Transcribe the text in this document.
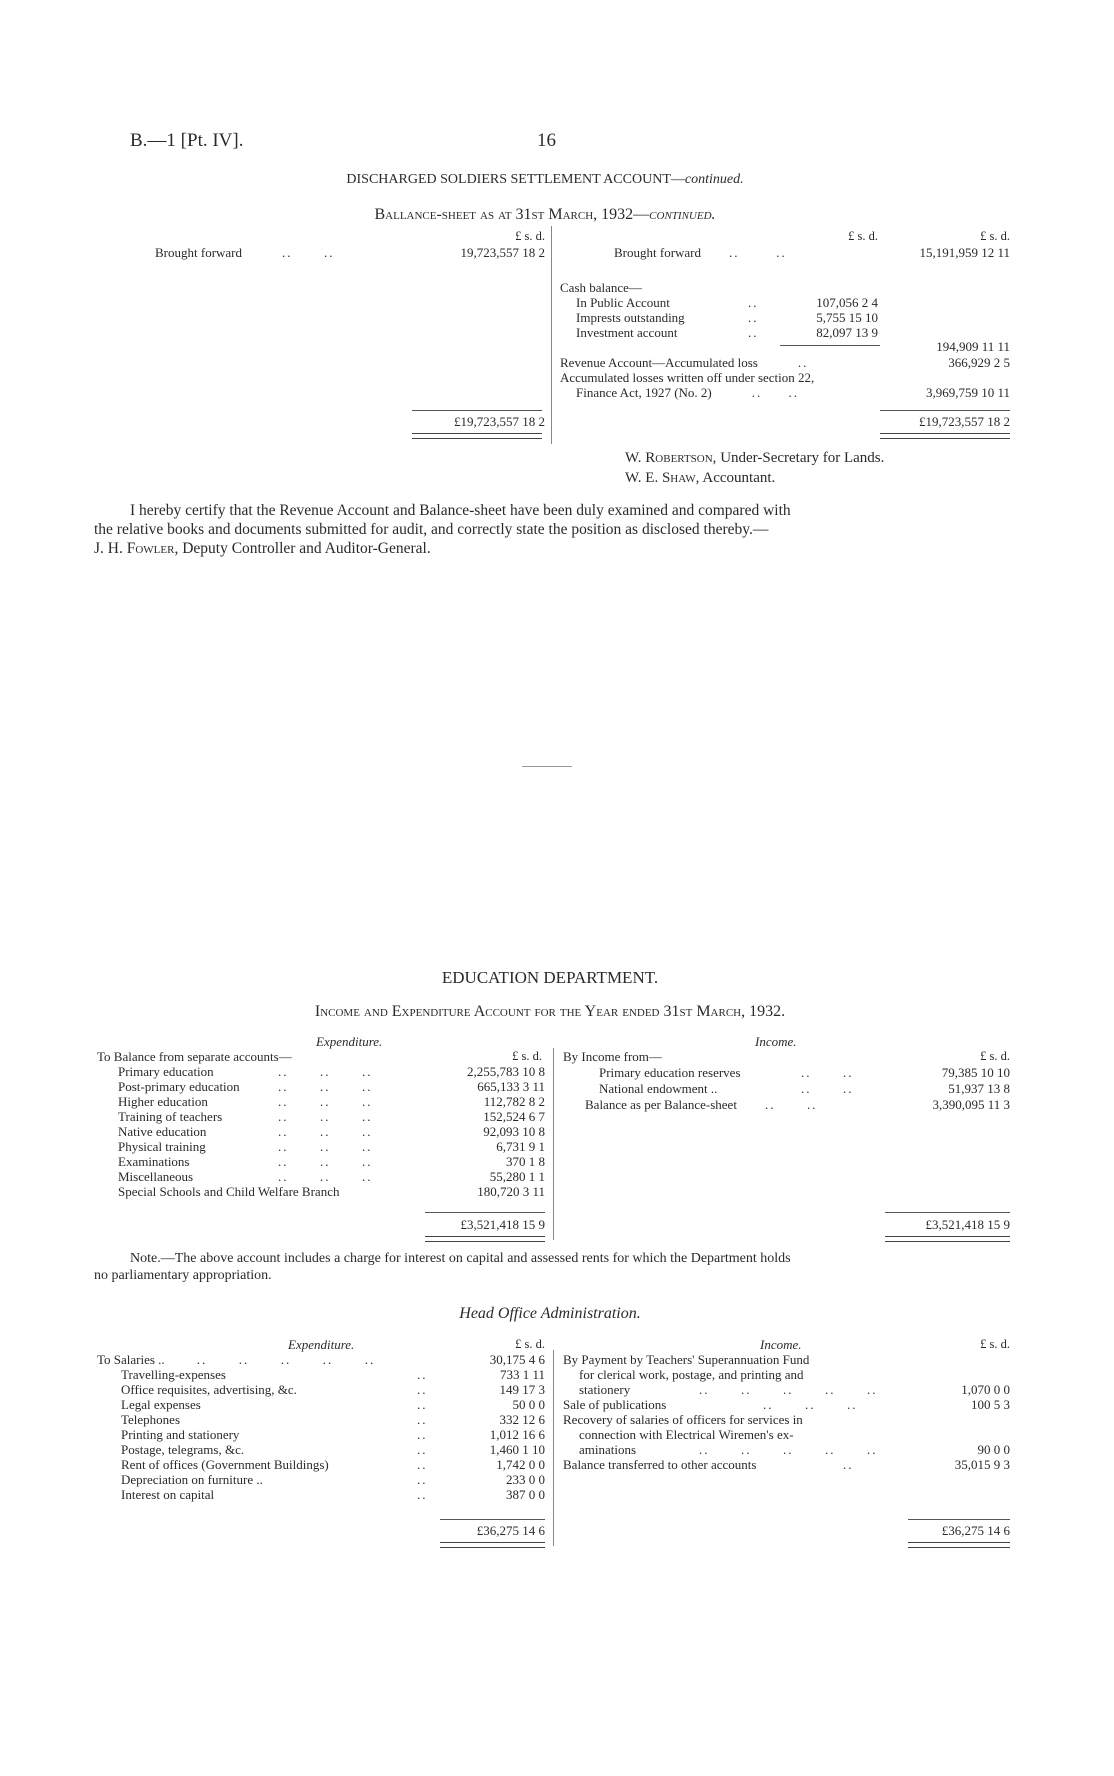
B.—1 [Pt. IV].	16
DISCHARGED SOLDIERS SETTLEMENT ACCOUNT—continued.
Ballance-sheet as at 31st March, 1932—continued.
£ s. d.
Brought forward	..      ..	19,723,557 18 2
£19,723,557 18 2
£ s. d.	£ s. d.
Brought forward ..       ..	15,191,959 12 11
Cash balance—
In Public Account	..	107,056 2 4
Imprests outstanding	..	5,755 15 10
Investment account	..	82,097 13 9
194,909 11 11
Revenue Account—Accumulated loss	..	366,929 2 5
Accumulated losses written off under section 22,
Finance Act, 1927 (No. 2)	..     ..	3,969,759 10 11
£19,723,557 18 2
W. Robertson, Under-Secretary for Lands.
W. E. Shaw, Accountant.
I hereby certify that the Revenue Account and Balance-sheet have been duly examined and compared with
the relative books and documents submitted for audit, and correctly state the position as disclosed thereby.—
J. H. Fowler, Deputy Controller and Auditor-General.
EDUCATION DEPARTMENT.
Income and Expenditure Account for the Year ended 31st March, 1932.
Expenditure.	Income.
£ s. d.
To Balance from separate accounts—
Primary education	..      ..      ..	2,255,783 10 8
Post-primary education	..      ..      ..	665,133 3 11
Higher education	..      ..      ..	112,782 8 2
Training of teachers	..      ..      ..	152,524 6 7
Native education	..      ..      ..	92,093 10 8
Physical training	..      ..      ..	6,731 9 1
Examinations	..      ..      ..	370 1 8
Miscellaneous	..      ..      ..	55,280 1 1
Special Schools and Child Welfare Branch	180,720 3 11
£3,521,418 15 9
£ s. d.
By Income from—
Primary education reserves	..      ..	79,385 10 10
National endowment ..	..      ..	51,937 13 8
Balance as per Balance-sheet ..      ..	3,390,095 11 3
£3,521,418 15 9
Note.—The above account includes a charge for interest on capital and assessed rents for which the Department holds
no parliamentary appropriation.
Head Office Administration.
Expenditure.	£ s. d.	Income.	£ s. d.
To Salaries .. ..      ..      ..      ..      ..	30,175 4 6
Travelling-expenses	..	733 1 11
Office requisites, advertising, &c.	..	149 17 3
Legal expenses	..	50 0 0
Telephones	..	332 12 6
Printing and stationery	..	1,012 16 6
Postage, telegrams, &c.	..	1,460 1 10
Rent of offices (Government Buildings)	..	1,742 0 0
Depreciation on furniture ..	..	233 0 0
Interest on capital	..	387 0 0
£36,275 14 6
By Payment by Teachers' Superannuation Fund
for clerical work, postage, and printing and
stationery	..      ..      ..      ..      ..	1,070 0 0
Sale of publications	..      ..      ..	100 5 3
Recovery of salaries of officers for services in
connection with Electrical Wiremen's ex-
aminations	..      ..      ..      ..      ..	90 0 0
Balance transferred to other accounts	..	35,015 9 3
£36,275 14 6
